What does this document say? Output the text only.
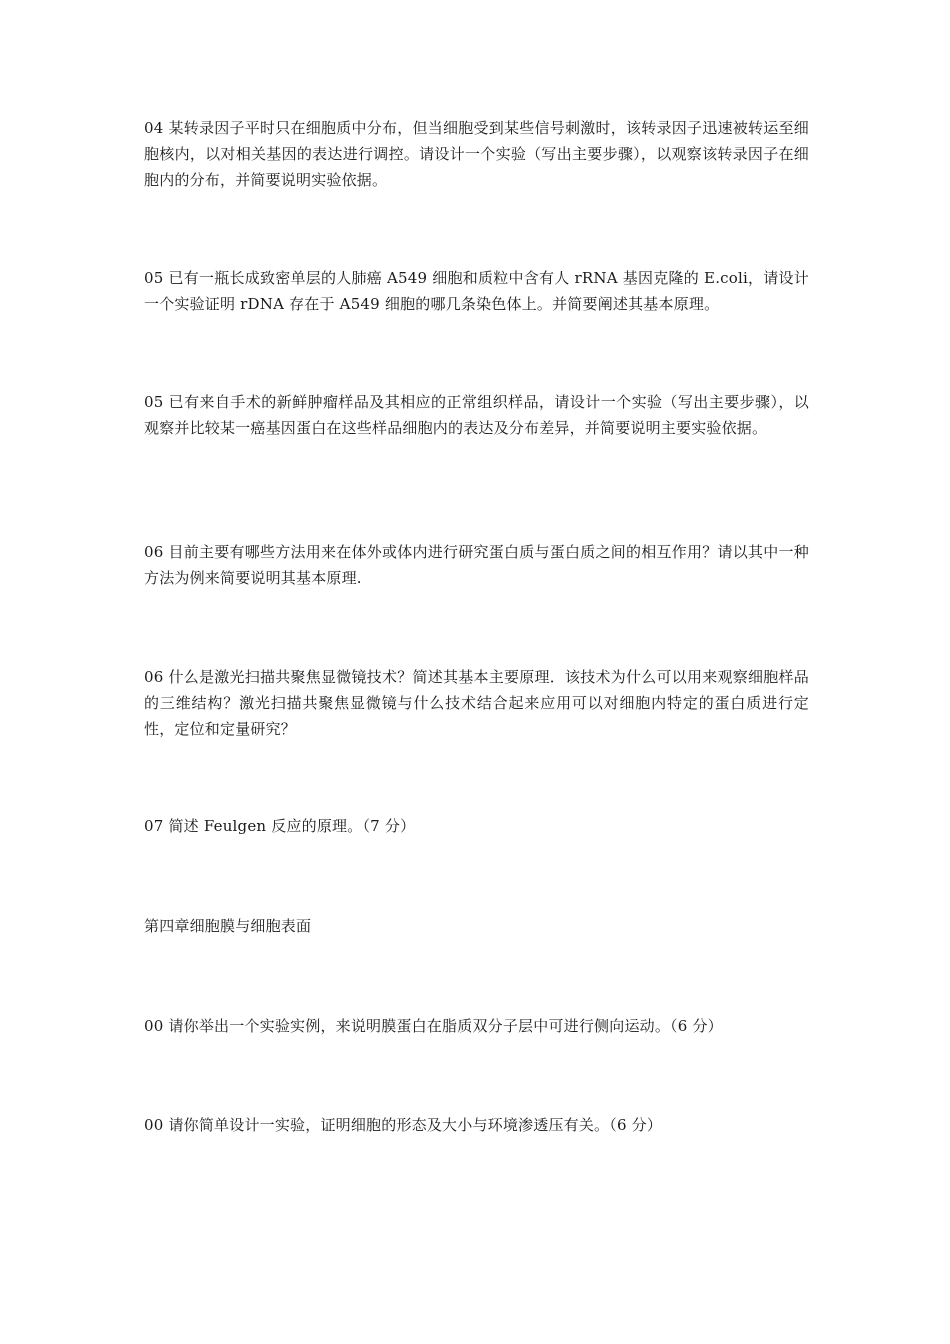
04 某转录因子平时只在细胞质中分布，但当细胞受到某些信号刺激时，该转录因子迅速被转运至细胞核内，以对相关基因的表达进行调控。请设计一个实验（写出主要步骤），以观察该转录因子在细胞内的分布，并简要说明实验依据。

05 已有一瓶长成致密单层的人肺癌 A549 细胞和质粒中含有人 rRNA 基因克隆的 E.coli，请设计一个实验证明 rDNA 存在于 A549 细胞的哪几条染色体上。并简要阐述其基本原理。

05 已有来自手术的新鲜肿瘤样品及其相应的正常组织样品，请设计一个实验（写出主要步骤），以观察并比较某一癌基因蛋白在这些样品细胞内的表达及分布差异，并简要说明主要实验依据。

06 目前主要有哪些方法用来在体外或体内进行研究蛋白质与蛋白质之间的相互作用？请以其中一种方法为例来简要说明其基本原理.

06 什么是激光扫描共聚焦显微镜技术？简述其基本主要原理．该技术为什么可以用来观察细胞样品的三维结构？激光扫描共聚焦显微镜与什么技术结合起来应用可以对细胞内特定的蛋白质进行定性，定位和定量研究？

07 简述 Feulgen 反应的原理。（7 分）

第四章细胞膜与细胞表面

00 请你举出一个实验实例，来说明膜蛋白在脂质双分子层中可进行侧向运动。（6 分）

00 请你简单设计一实验，证明细胞的形态及大小与环境渗透压有关。（6 分）
